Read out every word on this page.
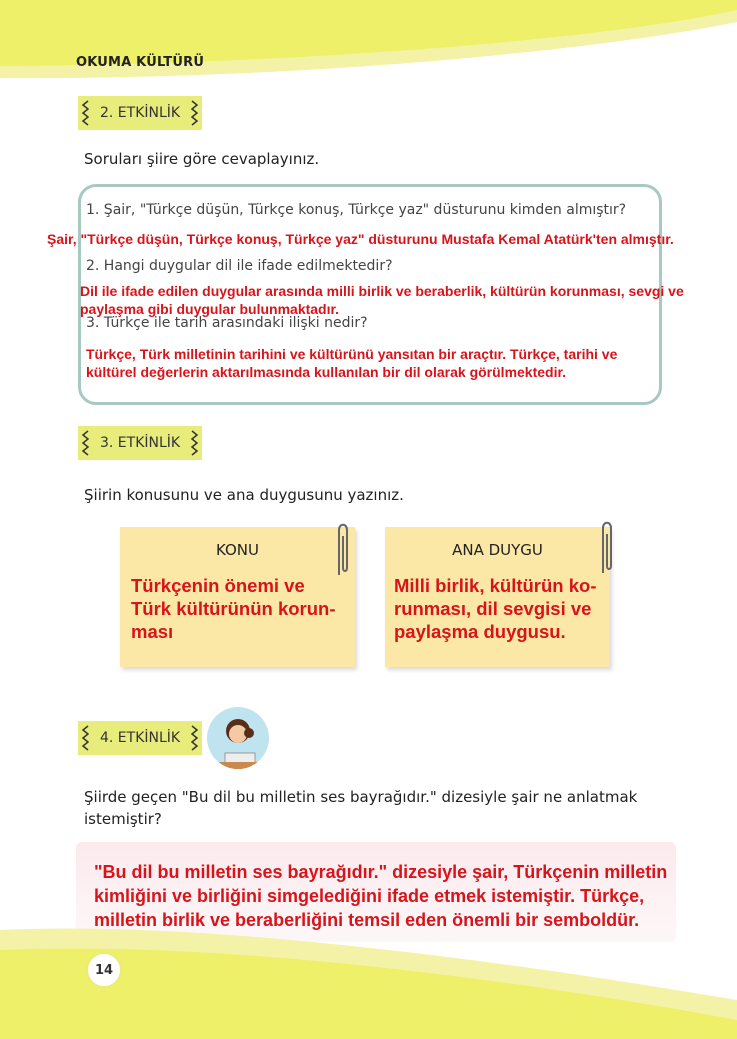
OKUMA KÜLTÜRÜ
2. ETKİNLİK
Soruları şiire göre cevaplayınız.
1. Şair, "Türkçe düşün, Türkçe konuş, Türkçe yaz" düsturunu kimden almıştır?
Şair, "Türkçe düşün, Türkçe konuş, Türkçe yaz" düsturunu Mustafa Kemal Atatürk'ten almıştır.
2. Hangi duygular dil ile ifade edilmektedir?
Dil ile ifade edilen duygular arasında milli birlik ve beraberlik, kültürün korunması, sevgi ve paylaşma gibi duygular bulunmaktadır.
3. Türkçe ile tarih arasındaki ilişki nedir?
Türkçe, Türk milletinin tarihini ve kültürünü yansıtan bir araçtır. Türkçe, tarihi ve kültürel değerlerin aktarılmasında kullanılan bir dil olarak görülmektedir.
3. ETKİNLİK
Şiirin konusunu ve ana duygusunu yazınız.
KONU
Türkçenin önemi ve Türk kültürünün korun-ması
ANA DUYGU
Milli birlik, kültürün ko-runması, dil sevgisi ve paylaşma duygusu.
4. ETKİNLİK
Şiirde geçen "Bu dil bu milletin ses bayrağıdır." dizesiyle şair ne anlatmak istemiştir?
"Bu dil bu milletin ses bayrağıdır." dizesiyle şair, Türkçenin milletin kimliğini ve birliğini simgelediğini ifade etmek istemiştir. Türkçe, milletin birlik ve beraberliğini temsil eden önemli bir semboldür.
14
